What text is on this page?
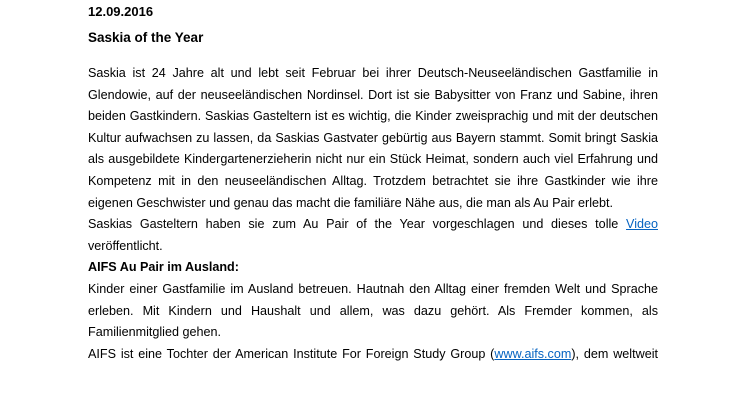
12.09.2016
Saskia of the Year
Saskia ist 24 Jahre alt und lebt seit Februar bei ihrer Deutsch-Neuseeländischen Gastfamilie in
Glendowie, auf der neuseeländischen Nordinsel. Dort ist sie Babysitter von Franz und Sabine, ihren
beiden Gastkindern. Saskias Gasteltern ist es wichtig, die Kinder zweisprachig und mit der deutschen
Kultur aufwachsen zu lassen, da Saskias Gastvater gebürtig aus Bayern stammt. Somit bringt Saskia
als ausgebildete Kindergartenerzieherin nicht nur ein Stück Heimat, sondern auch viel Erfahrung und
Kompetenz mit in den neuseeländischen Alltag. Trotzdem betrachtet sie ihre Gastkinder wie ihre
eigenen Geschwister und genau das macht die familiäre Nähe aus, die man als Au Pair erlebt.
Saskias Gasteltern haben sie zum Au Pair of the Year vorgeschlagen und dieses tolle Video
veröffentlicht.
AIFS Au Pair im Ausland:
Kinder einer Gastfamilie im Ausland betreuen. Hautnah den Alltag einer fremden Welt und Sprache
erleben. Mit Kindern und Haushalt und allem, was dazu gehört. Als Fremder kommen, als
Familienmitglied gehen.
AIFS ist eine Tochter der American Institute For Foreign Study Group (www.aifs.com), dem weltweit
